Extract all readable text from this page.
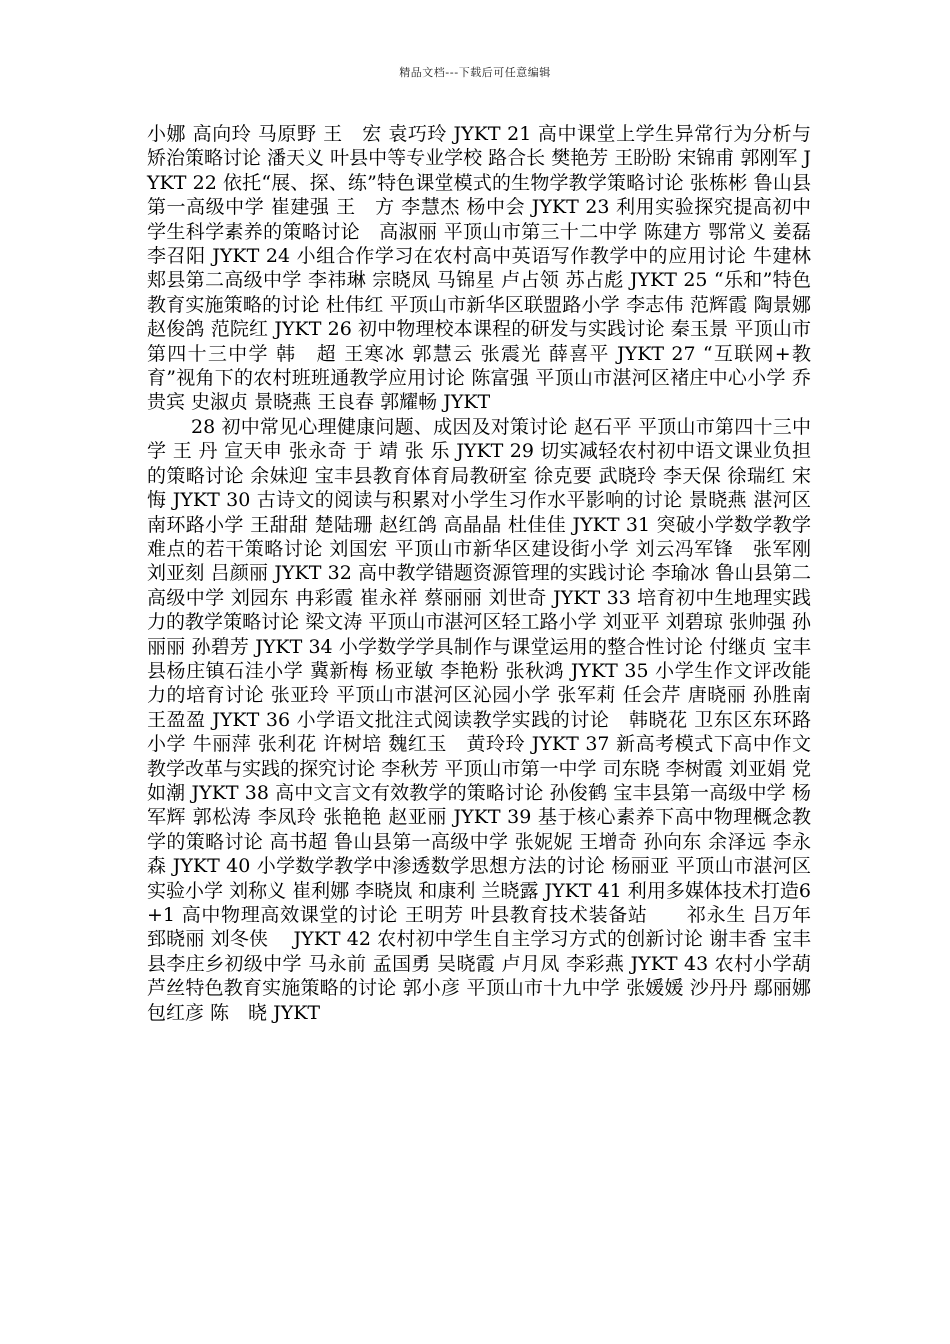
精品文档---下载后可任意编辑

小娜 高向玲 马原野 王　宏 袁巧玲 JYKT 21 高中课堂上学生异常行为分析与矫治策略讨论 潘天义 叶县中等专业学校 路合长 樊艳芳 王盼盼 宋锦甫 郭刚军 JYKT 22 依托“展、探、练”特色课堂模式的生物学教学策略讨论 张栋彬 鲁山县第一高级中学 崔建强 王　方 李慧杰 杨中会 JYKT 23 利用实验探究提高初中学生科学素养的策略讨论　高淑丽 平顶山市第三十二中学 陈建方 鄂常义 姜磊 李召阳 JYKT 24 小组合作学习在农村高中英语写作教学中的应用讨论 牛建林 郏县第二高级中学 李祎琳 宗晓凤 马锦星 卢占领 苏占彪 JYKT 25 “乐和”特色教育实施策略的讨论 杜伟红 平顶山市新华区联盟路小学 李志伟 范辉霞 陶景娜 赵俊鸽 范院红 JYKT 26 初中物理校本课程的研发与实践讨论 秦玉景 平顶山市第四十三中学 韩　超 王寒冰 郭慧云 张震光 薛喜平 JYKT 27 “互联网+教育”视角下的农村班班通教学应用讨论 陈富强 平顶山市湛河区褚庄中心小学 乔贵宾 史淑贞 景晓燕 王良春 郭耀畅 JYKT

28 初中常见心理健康问题、成因及对策讨论 赵石平 平顶山市第四十三中学 王 丹 宣天申 张永奇 于 靖 张 乐 JYKT 29 切实减轻农村初中语文课业负担的策略讨论 余妹迎 宝丰县教育体育局教研室 徐克要 武晓玲 李天保 徐瑞红 宋　悔 JYKT 30 古诗文的阅读与积累对小学生习作水平影响的讨论 景晓燕 湛河区南环路小学 王甜甜 楚陆珊 赵红鸽 高晶晶 杜佳佳 JYKT 31 突破小学数学教学难点的若干策略讨论 刘国宏 平顶山市新华区建设街小学 刘云冯军锋　张军刚 刘亚刻 吕颜丽 JYKT 32 高中教学错题资源管理的实践讨论 李瑜冰 鲁山县第二高级中学 刘园东 冉彩霞 崔永祥 蔡丽丽 刘世奇 JYKT 33 培育初中生地理实践力的教学策略讨论 梁文涛 平顶山市湛河区轻工路小学 刘亚平 刘碧琼 张帅强 孙丽丽 孙碧芳 JYKT 34 小学数学学具制作与课堂运用的整合性讨论 付继贞 宝丰县杨庄镇石洼小学 冀新梅 杨亚敏 李艳粉 张秋鸿 JYKT 35 小学生作文评改能力的培育讨论 张亚玲 平顶山市湛河区沁园小学 张军莉 任会芹 唐晓丽 孙胜南 王盈盈 JYKT 36 小学语文批注式阅读教学实践的讨论　韩晓花 卫东区东环路小学 牛丽萍 张利花 许树培 魏红玉　黄玲玲 JYKT 37 新高考模式下高中作文教学改革与实践的探究讨论 李秋芳 平顶山市第一中学 司东晓 李树霞 刘亚娟 党如潮 JYKT 38 高中文言文有效教学的策略讨论 孙俊鹤 宝丰县第一高级中学 杨军辉 郭松涛 李凤玲 张艳艳 赵亚丽 JYKT 39 基于核心素养下高中物理概念教学的策略讨论 高书超 鲁山县第一高级中学 张妮妮 王增奇 孙向东 余泽远 李永森 JYKT 40 小学数学教学中渗透数学思想方法的讨论 杨丽亚 平顶山市湛河区实验小学 刘称义 崔利娜 李晓岚 和康利 兰晓露 JYKT 41 利用多媒体技术打造6+1 高中物理高效课堂的讨论 王明芳 叶县教育技术装备站　　祁永生 吕万年 郅晓丽 刘冬侠　 JYKT 42 农村初中学生自主学习方式的创新讨论 谢丰香 宝丰县李庄乡初级中学 马永前 孟国勇 吴晓霞 卢月凤 李彩燕 JYKT 43 农村小学葫芦丝特色教育实施策略的讨论 郭小彦 平顶山市十九中学 张媛媛 沙丹丹 鄢丽娜 包红彦 陈　晓 JYKT
